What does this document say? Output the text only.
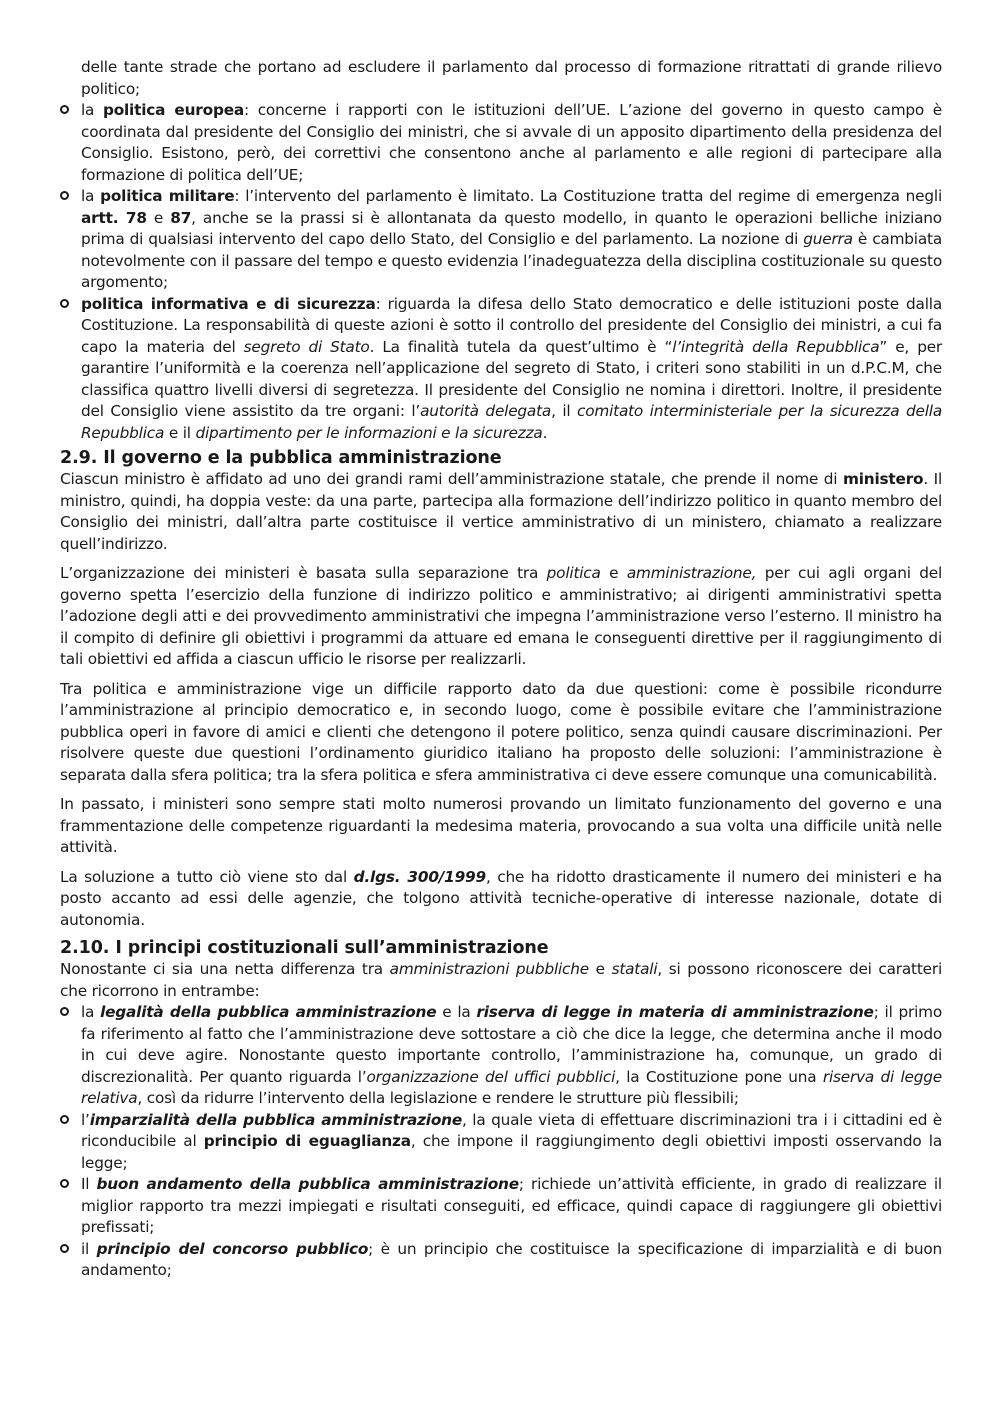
delle tante strade che portano ad escludere il parlamento dal processo di formazione ritrattati di grande rilievo politico;

la politica europea: concerne i rapporti con le istituzioni dell’UE. L’azione del governo in questo campo è coordinata dal presidente del Consiglio dei ministri, che si avvale di un apposito dipartimento della presidenza del Consiglio. Esistono, però, dei correttivi che consentono anche al parlamento e alle regioni di partecipare alla formazione di politica dell’UE;
la politica militare: l’intervento del parlamento è limitato. La Costituzione tratta del regime di emergenza negli artt. 78 e 87, anche se la prassi si è allontanata da questo modello, in quanto le operazioni belliche iniziano prima di qualsiasi intervento del capo dello Stato, del Consiglio e del parlamento. La nozione di guerra è cambiata notevolmente con il passare del tempo e questo evidenzia l’inadeguatezza della disciplina costituzionale su questo argomento;
politica informativa e di sicurezza: riguarda la difesa dello Stato democratico e delle istituzioni poste dalla Costituzione. La responsabilità di queste azioni è sotto il controllo del presidente del Consiglio dei ministri, a cui fa capo la materia del segreto di Stato. La finalità tutela da quest’ultimo è “l’integrità della Repubblica” e, per garantire l’uniformità e la coerenza nell’applicazione del segreto di Stato, i criteri sono stabiliti in un d.P.C.M, che classifica quattro livelli diversi di segretezza. Il presidente del Consiglio ne nomina i direttori. Inoltre, il presidente del Consiglio viene assistito da tre organi: l’autorità delegata, il comitato interministeriale per la sicurezza della Repubblica e il dipartimento per le informazioni e la sicurezza.
2.9. Il governo e la pubblica amministrazione

Ciascun ministro è affidato ad uno dei grandi rami dell’amministrazione statale, che prende il nome di ministero. Il ministro, quindi, ha doppia veste: da una parte, partecipa alla formazione dell’indirizzo politico in quanto membro del Consiglio dei ministri, dall’altra parte costituisce il vertice amministrativo di un ministero, chiamato a realizzare quell’indirizzo.

L’organizzazione dei ministeri è basata sulla separazione tra politica e amministrazione, per cui agli organi del governo spetta l’esercizio della funzione di indirizzo politico e amministrativo; ai dirigenti amministrativi spetta l’adozione degli atti e dei provvedimento amministrativi che impegna l’amministrazione verso l’esterno. Il ministro ha il compito di definire gli obiettivi i programmi da attuare ed emana le conseguenti direttive per il raggiungimento di tali obiettivi ed affida a ciascun ufficio le risorse per realizzarli.

Tra politica e amministrazione vige un difficile rapporto dato da due questioni: come è possibile ricondurre l’amministrazione al principio democratico e, in secondo luogo, come è possibile evitare che l’amministrazione pubblica operi in favore di amici e clienti che detengono il potere politico, senza quindi causare discriminazioni. Per risolvere queste due questioni l’ordinamento giuridico italiano ha proposto delle soluzioni: l’amministrazione è separata dalla sfera politica; tra la sfera politica e sfera amministrativa ci deve essere comunque una comunicabilità.

In passato, i ministeri sono sempre stati molto numerosi provando un limitato funzionamento del governo e una frammentazione delle competenze riguardanti la medesima materia, provocando a sua volta una difficile unità nelle attività.

La soluzione a tutto ciò viene sto dal d.lgs. 300/1999, che ha ridotto drasticamente il numero dei ministeri e ha posto accanto ad essi delle agenzie, che tolgono attività tecniche-operative di interesse nazionale, dotate di autonomia.

2.10. I principi costituzionali sull’amministrazione

Nonostante ci sia una netta differenza tra amministrazioni pubbliche e statali, si possono riconoscere dei caratteri che ricorrono in entrambe:

la legalità della pubblica amministrazione e la riserva di legge in materia di amministrazione; il primo fa riferimento al fatto che l’amministrazione deve sottostare a ciò che dice la legge, che determina anche il modo in cui deve agire. Nonostante questo importante controllo, l’amministrazione ha, comunque, un grado di discrezionalità. Per quanto riguarda l’organizzazione del uffici pubblici, la Costituzione pone una riserva di legge relativa, così da ridurre l’intervento della legislazione e rendere le strutture più flessibili;
l’imparzialità della pubblica amministrazione, la quale vieta di effettuare discriminazioni tra i i cittadini ed è riconducibile al principio di eguaglianza, che impone il raggiungimento degli obiettivi imposti osservando la legge;
Il buon andamento della pubblica amministrazione; richiede un’attività efficiente, in grado di realizzare il miglior rapporto tra mezzi impiegati e risultati conseguiti, ed efficace, quindi capace di raggiungere gli obiettivi prefissati;
il principio del concorso pubblico; è un principio che costituisce la specificazione di imparzialità e di buon andamento;
